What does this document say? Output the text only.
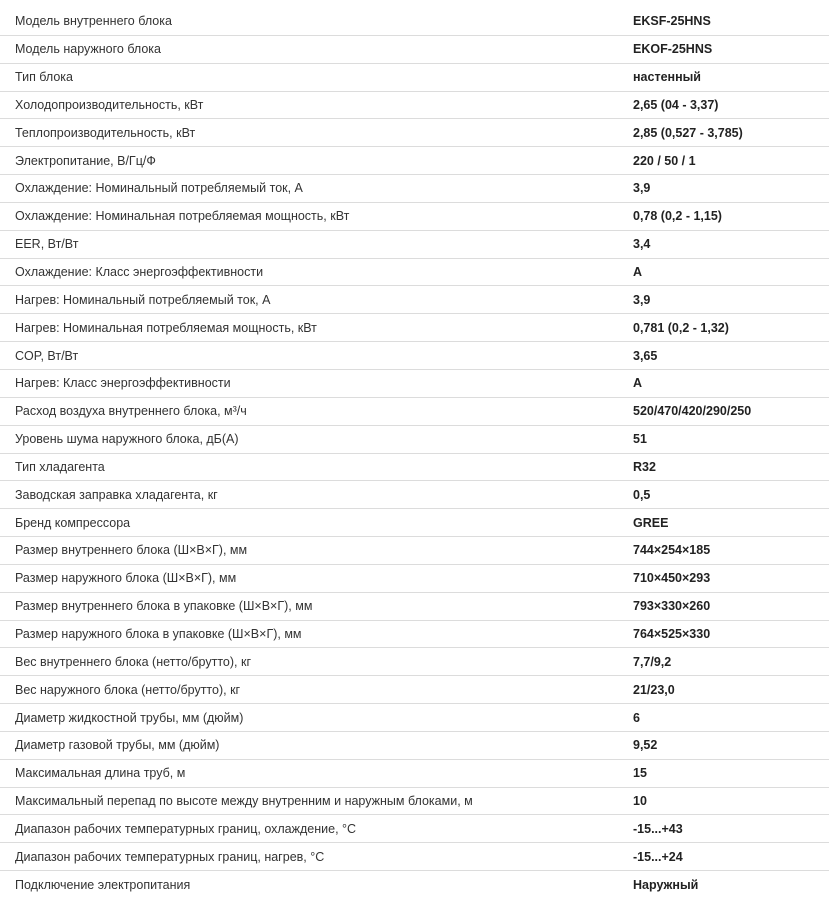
Модель внутреннего блока	EKSF-25HNS
Модель наружного блока	EKOF-25HNS
Тип блока	настенный
Холодопроизводительность, кВт	2,65 (04 - 3,37)
Теплопроизводительность, кВт	2,85 (0,527 - 3,785)
Электропитание, В/Гц/Ф	220 / 50 / 1
Охлаждение: Номинальный потребляемый ток, А	3,9
Охлаждение: Номинальная потребляемая мощность, кВт	0,78 (0,2 - 1,15)
EER, Вт/Вт	3,4
Охлаждение: Класс энергоэффективности	A
Нагрев: Номинальный потребляемый ток, А	3,9
Нагрев: Номинальная потребляемая мощность, кВт	0,781 (0,2 - 1,32)
COP, Вт/Вт	3,65
Нагрев: Класс энергоэффективности	A
Расход воздуха внутреннего блока, м³/ч	520/470/420/290/250
Уровень шума наружного блока, дБ(А)	51
Тип хладагента	R32
Заводская заправка хладагента, кг	0,5
Бренд компрессора	GREE
Размер внутреннего блока (Ш×В×Г), мм	744×254×185
Размер наружного блока (Ш×В×Г), мм	710×450×293
Размер внутреннего блока в упаковке (Ш×В×Г), мм	793×330×260
Размер наружного блока в упаковке (Ш×В×Г), мм	764×525×330
Вес внутреннего блока (нетто/брутто), кг	7,7/9,2
Вес наружного блока (нетто/брутто), кг	21/23,0
Диаметр жидкостной трубы, мм (дюйм)	6
Диаметр газовой трубы, мм (дюйм)	9,52
Максимальная длина труб, м	15
Максимальный перепад по высоте между внутренним и наружным блоками, м	10
Диапазон рабочих температурных границ, охлаждение, °C	-15...+43
Диапазон рабочих температурных границ, нагрев, °C	-15...+24
Подключение электропитания	Наружный
